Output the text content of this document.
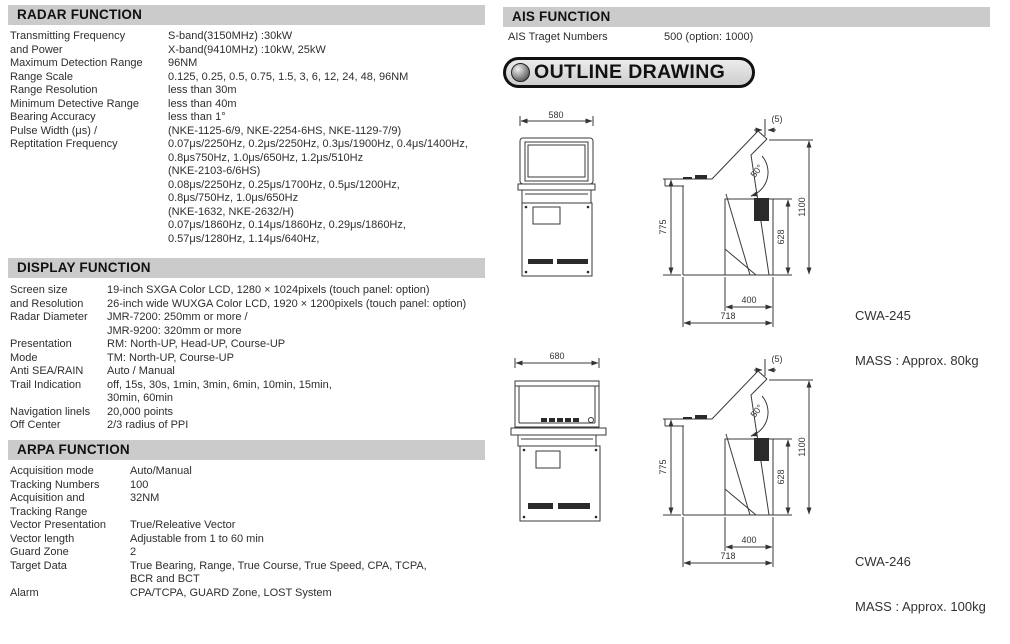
RADAR FUNCTION
Transmitting Frequency	S-band(3150MHz) :30kW
and Power	X-band(9410MHz) :10kW, 25kW
Maximum Detection Range	96NM
Range Scale	0.125, 0.25, 0.5, 0.75, 1.5, 3, 6, 12, 24, 48, 96NM
Range Resolution	less than 30m
Minimum Detective Range	less than 40m
Bearing Accuracy	less than 1°
Pulse Width (μs) /	(NKE-1125-6/9, NKE-2254-6HS, NKE-1129-7/9)
Reptitation Frequency	0.07μs/2250Hz, 0.2μs/2250Hz, 0.3μs/1900Hz, 0.4μs/1400Hz,
0.8μs750Hz, 1.0μs/650Hz, 1.2μs/510Hz
(NKE-2103-6/6HS)
0.08μs/2250Hz, 0.25μs/1700Hz, 0.5μs/1200Hz,
0.8μs/750Hz, 1.0μs/650Hz
(NKE-1632, NKE-2632/H)
0.07μs/1860Hz, 0.14μs/1860Hz, 0.29μs/1860Hz,
0.57μs/1280Hz, 1.14μs/640Hz,
DISPLAY FUNCTION
Screen size	19-inch SXGA Color LCD, 1280 × 1024pixels (touch panel: option)
and Resolution	26-inch wide WUXGA Color LCD, 1920 × 1200pixels (touch panel: option)
Radar Diameter	JMR-7200: 250mm or more /
JMR-9200: 320mm or more
Presentation	RM: North-UP, Head-UP, Course-UP
Mode	TM: North-UP, Course-UP
Anti SEA/RAIN	Auto / Manual
Trail Indication	off, 15s, 30s, 1min, 3min, 6min, 10min, 15min,
30min, 60min
Navigation linels	20,000 points
Off Center	2/3 radius of PPI
ARPA FUNCTION
Acquisition mode	Auto/Manual
Tracking Numbers	100
Acquisition and	32NM
Tracking Range
Vector Presentation	True/Releative Vector
Vector length	Adjustable from 1 to 60 min
Guard Zone	2
Target Data	True Bearing, Range, True Course, True Speed, CPA, TCPA,
BCR and BCT
Alarm	CPA/TCPA, GUARD Zone, LOST System
AIS FUNCTION
AIS Traget Numbers	500 (option: 1000)
OUTLINE DRAWING
580	(5)
50°
775
628
1100
400
718

	CWA-245

MASS : Approx. 80kg

680	(5)
50°
775
628
1100
400
718

	CWA-246

MASS : Approx. 100kg
